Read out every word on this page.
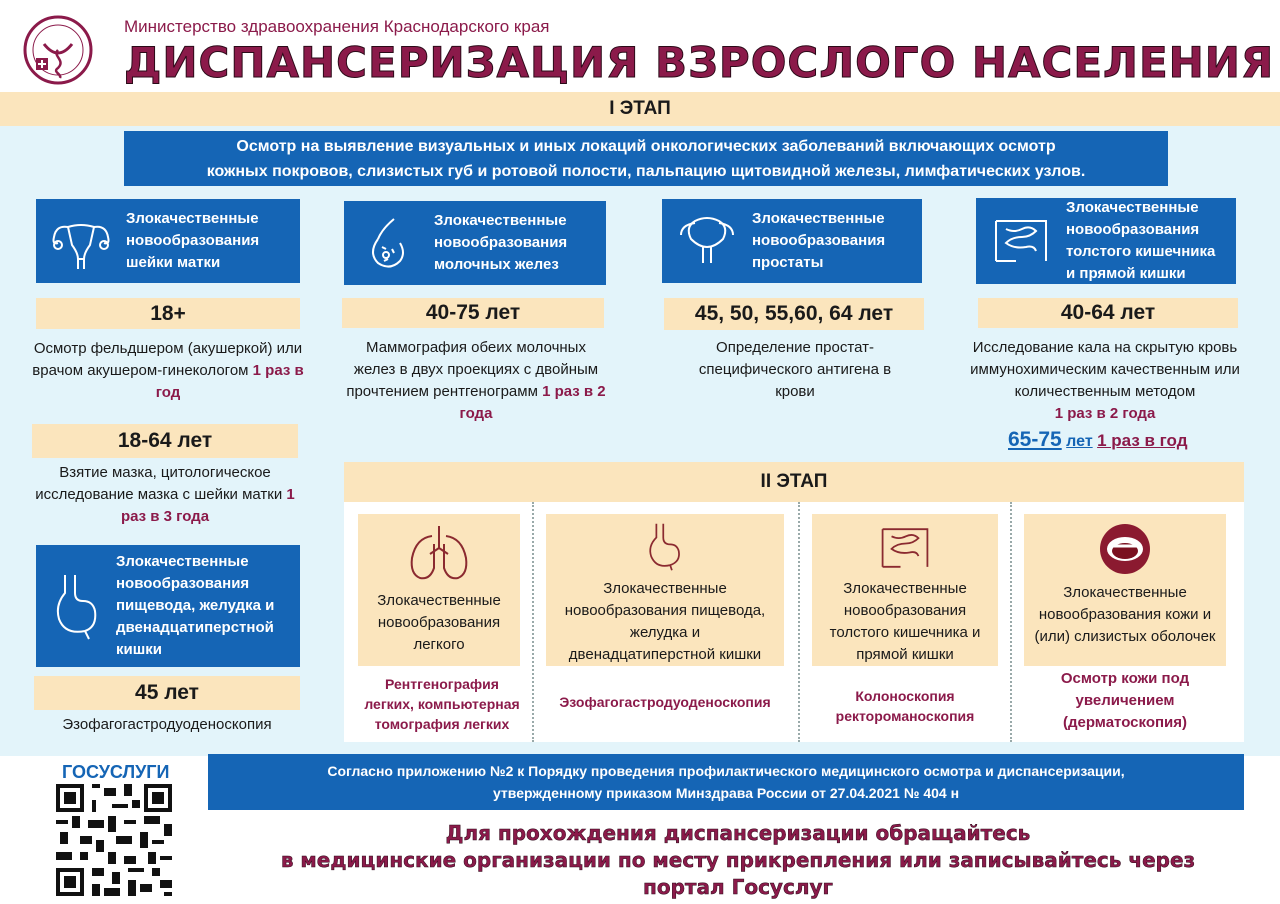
Министерство здравоохранения Краснодарского края
ДИСПАНСЕРИЗАЦИЯ ВЗРОСЛОГО НАСЕЛЕНИЯ
I ЭТАП
Осмотр на выявление визуальных и иных локаций онкологических заболеваний включающих осмотр
кожных покровов, слизистых губ и ротовой полости, пальпацию щитовидной железы, лимфатических узлов.
Злокачественные новообразования шейки матки
18+
Осмотр фельдшером (акушеркой) или врачом акушером-гинекологом 1 раз в год
18-64 лет
Взятие мазка, цитологическое исследование мазка с шейки матки 1 раз в 3 года
Злокачественные новообразования пищевода, желудка и двенадцатиперстной кишки
45 лет
Эзофагогастродуоденоскопия
Злокачественные новообразования молочных желез
40-75 лет
Маммография обеих молочных желез в двух проекциях с двойным прочтением рентгенограмм 1 раз в 2 года
Злокачественные новообразования простаты
45, 50, 55,60, 64 лет
Определение простат-специфического антигена в крови
Злокачественные новообразования толстого кишечника и прямой кишки
40-64 лет
Исследование кала на скрытую кровь иммунохимическим качественным или количественным методом
1 раз в 2 года
65-75 лет 1 раз в год
II ЭТАП
Злокачественные новообразования легкого
Рентгенография легких, компьютерная томография легких
Злокачественные новообразования пищевода, желудка и двенадцатиперстной кишки
Эзофагогастродуоденоскопия
Злокачественные новообразования толстого кишечника и прямой кишки
Колоноскопия ректороманоскопия
Злокачественные новообразования кожи и (или) слизистых оболочек
Осмотр кожи под увеличением (дерматоскопия)
ГОСУСЛУГИ	Согласно приложению №2 к Порядку проведения профилактического медицинского осмотра и диспансеризации,
утвержденному приказом Минздрава России от 27.04.2021 № 404 н
Для прохождения диспансеризации обращайтесь
в медицинские организации по месту прикрепления или записывайтесь через
портал Госуслуг
